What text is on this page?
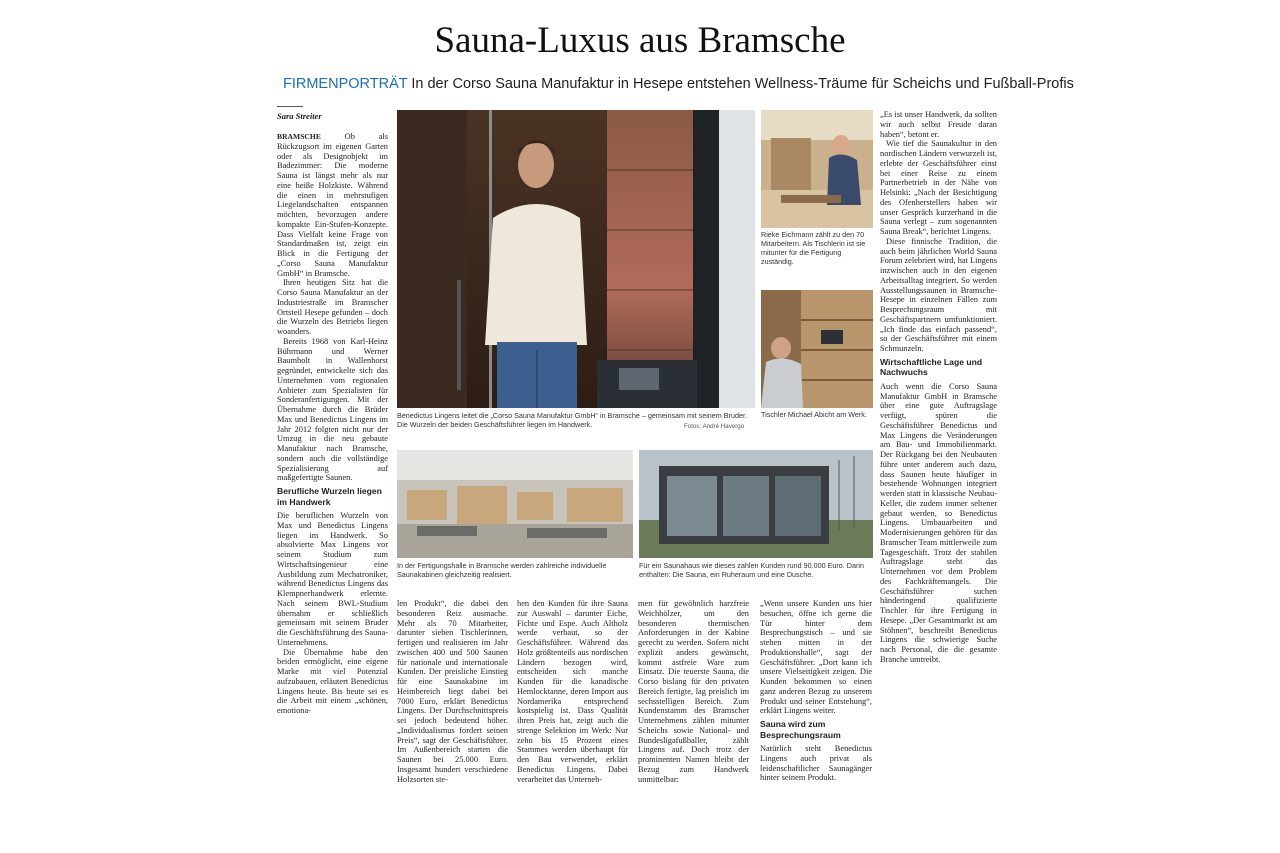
Sauna-Luxus aus Bramsche
FIRMENPORTRÄT In der Corso Sauna Manufaktur in Hesepe entstehen Wellness-Träume für Scheichs und Fußball-Profis
Sara Streiter

BRAMSCHE	Ob als Rückzugsort im eigenen Garten oder als Designobjekt im Badezimmer: Die moderne Sauna ist längst mehr als nur eine heiße Holzkiste. Während die einen in mehrstufigen Liegelandschaften entspannen möchten, bevorzugen andere kompakte Ein-Stufen-Konzepte. Dass Vielfalt keine Frage von Standardmaßen ist, zeigt ein Blick in die Fertigung der „Corso Sauna Manufaktur GmbH“ in Bramsche.

Ihren heutigen Sitz hat die Corso Sauna Manufaktur an der Industriestraße im Bramscher Ortsteil Hesepe gefunden – doch die Wurzeln des Betriebs liegen woanders.

Bereits 1968 von Karl-Heinz Bührmann und Werner Baumholt in Wallenhorst gegründet, entwickelte sich das Unternehmen vom regionalen Anbieter zum Spezialisten für Sonderanfertigungen. Mit der Übernahme durch die Brüder Max und Benedictus Lingens im Jahr 2012 folgten nicht nur der Umzug in die neu gebaute Manufaktur nach Bramsche, sondern auch die vollständige Spezialisierung auf maßgefertigte Saunen.

Berufliche Wurzeln liegen im Handwerk

Die beruflichen Wurzeln von Max und Benedictus Lingens liegen im Handwerk. So absolvierte Max Lingens vor seinem Studium zum Wirtschaftsingenieur eine Ausbildung zum Mechatroniker, während Benedictus Lingens das Klempnerhandwerk erlernte. Nach seinem BWL-Studium übernahm er schließlich gemeinsam mit seinem Bruder die Geschäftsführung des Sauna-Unternehmens.

Die Übernahme habe den beiden ermöglicht, eine eigene Marke mit viel Potenzial aufzubauen, erläutert Benedictus Lingens heute. Bis heute sei es die Arbeit mit einem „schönen, emotiona-

Benedictus Lingens leitet die „Corso Sauna Manufaktur GmbH“ in Bramsche – gemeinsam mit seinem Bruder. Die Wurzeln der beiden Geschäftsführer liegen im Handwerk.	Fotos: André Havergo
Rieke Eichmann zählt zu den 70 Mitarbeitern. Als Tischlerin ist sie mitunter für die Fertigung zuständig.
Tischler Michael Abicht am Werk.
In der Fertigungshalle in Bramsche werden zahlreiche individuelle Saunakabinen gleichzeitig realisiert.
Für ein Saunahaus wie dieses zahlen Kunden rund 90.000 Euro. Darin enthalten: Die Sauna, ein Ruheraum und eine Dusche.

len Produkt“, die dabei den besonderen Reiz ausmache. Mehr als 70 Mitarbeiter, darunter sieben Tischlerinnen, fertigen und realisieren im Jahr zwischen 400 und 500 Saunen für nationale und internationale Kunden. Der preisliche Einstieg für eine Saunakabine im Heimbereich liegt dabei bei 7000 Euro, erklärt Benedictus Lingens. Der Durchschnittspreis sei jedoch bedeutend höher. „Individualismus fordert seinen Preis“, sagt der Geschäftsführer. Im Außenbereich starten die Saunen bei 25.000 Euro. Insgesamt hundert verschiedene Holzsorten ste-

hen den Kunden für ihre Sauna zur Auswahl – darunter Eiche, Fichte und Espe. Auch Altholz werde verbaut, so der Geschäftsführer. Während das Holz größtenteils aus nordischen Ländern bezogen wird, entscheiden sich manche Kunden für die kanadische Hemlocktanne, deren Import aus Nordamerika entsprechend kostspielig ist. Dass Qualität ihren Preis hat, zeigt auch die strenge Selektion im Werk: Nur zehn bis 15 Prozent eines Stammes werden überhaupt für den Bau verwendet, erklärt Benedictus Lingens. Dabei verarbeitet das Unterneh-

men für gewöhnlich harzfreie Weichhölzer, um den besonderen thermischen Anforderungen in der Kabine gerecht zu werden. Sofern nicht explizit anders gewünscht, kommt astfreie Ware zum Einsatz. Die teuerste Sauna, die Corso bislang für den privaten Bereich fertigte, lag preislich im sechsstelligen Bereich. Zum Kundenstamm des Bramscher Unternehmens zählen mitunter Scheichs sowie National- und Bundesligafußballer, zählt Lingens auf. Doch trotz der prominenten Namen bleibt der Bezug zum Handwerk unmittelbar:

„Wenn unsere Kunden uns hier besuchen, öffne ich gerne die Tür hinter dem Besprechungstisch – und sie stehen mitten in der Produktionshalle“, sagt der Geschäftsführer. „Dort kann ich unsere Vielseitigkeit zeigen. Die Kunden bekommen so einen ganz anderen Bezug zu unserem Produkt und seiner Entstehung“, erklärt Lingens weiter.

Sauna wird zum Besprechungsraum

Natürlich steht Benedictus Lingens auch privat als leidenschaftlicher Saunagänger hinter seinem Produkt.

„Es ist unser Handwerk, da sollten wir auch selbst Freude daran haben“, betont er.

Wie tief die Saunakultur in den nordischen Ländern verwurzelt ist, erlebte der Geschäftsführer einst bei einer Reise zu einem Partnerbetrieb in der Nähe von Helsinki: „Nach der Besichtigung des Ofenherstellers haben wir unser Gespräch kurzerhand in die Sauna verlegt – zum sogenannten Sauna Break“, berichtet Lingens.

Diese finnische Tradition, die auch beim jährlichen World Sauna Forum zelebriert wird, hat Lingens inzwischen auch in den eigenen Arbeitsalltag integriert. So werden Ausstellungssaunen in Bramsche-Hesepe in einzelnen Fällen zum Besprechungsraum mit Geschäftspartnern umfunktioniert. „Ich finde das einfach passend“, so der Geschäftsführer mit einem Schmunzeln.

Wirtschaftliche Lage und Nachwuchs

Auch wenn die Corso Sauna Manufaktur GmbH in Bramsche über eine gute Auftragslage verfügt, spüren die Geschäftsführer Benedictus und Max Lingens die Veränderungen am Bau- und Immobilienmarkt. Der Rückgang bei den Neubauten führe unter anderem auch dazu, dass Saunen heute häufiger in bestehende Wohnungen integriert werden statt in klassische Neubau-Keller, die zudem immer seltener gebaut werden, so Benedictus Lingens. Umbauarbeiten und Modernisierungen gehören für das Bramscher Team mittlerweile zum Tagesgeschäft. Trotz der stabilen Auftragslage steht das Unternehmen vor dem Problem des Fachkräftemangels. Die Geschäftsführer suchen händeringend qualifizierte Tischler für ihre Fertigung in Hesepe. „Der Gesamtmarkt ist am Stöhnen“, beschreibt Benedictus Lingens die schwierige Suche nach Personal, die die gesamte Branche umtreibt.
